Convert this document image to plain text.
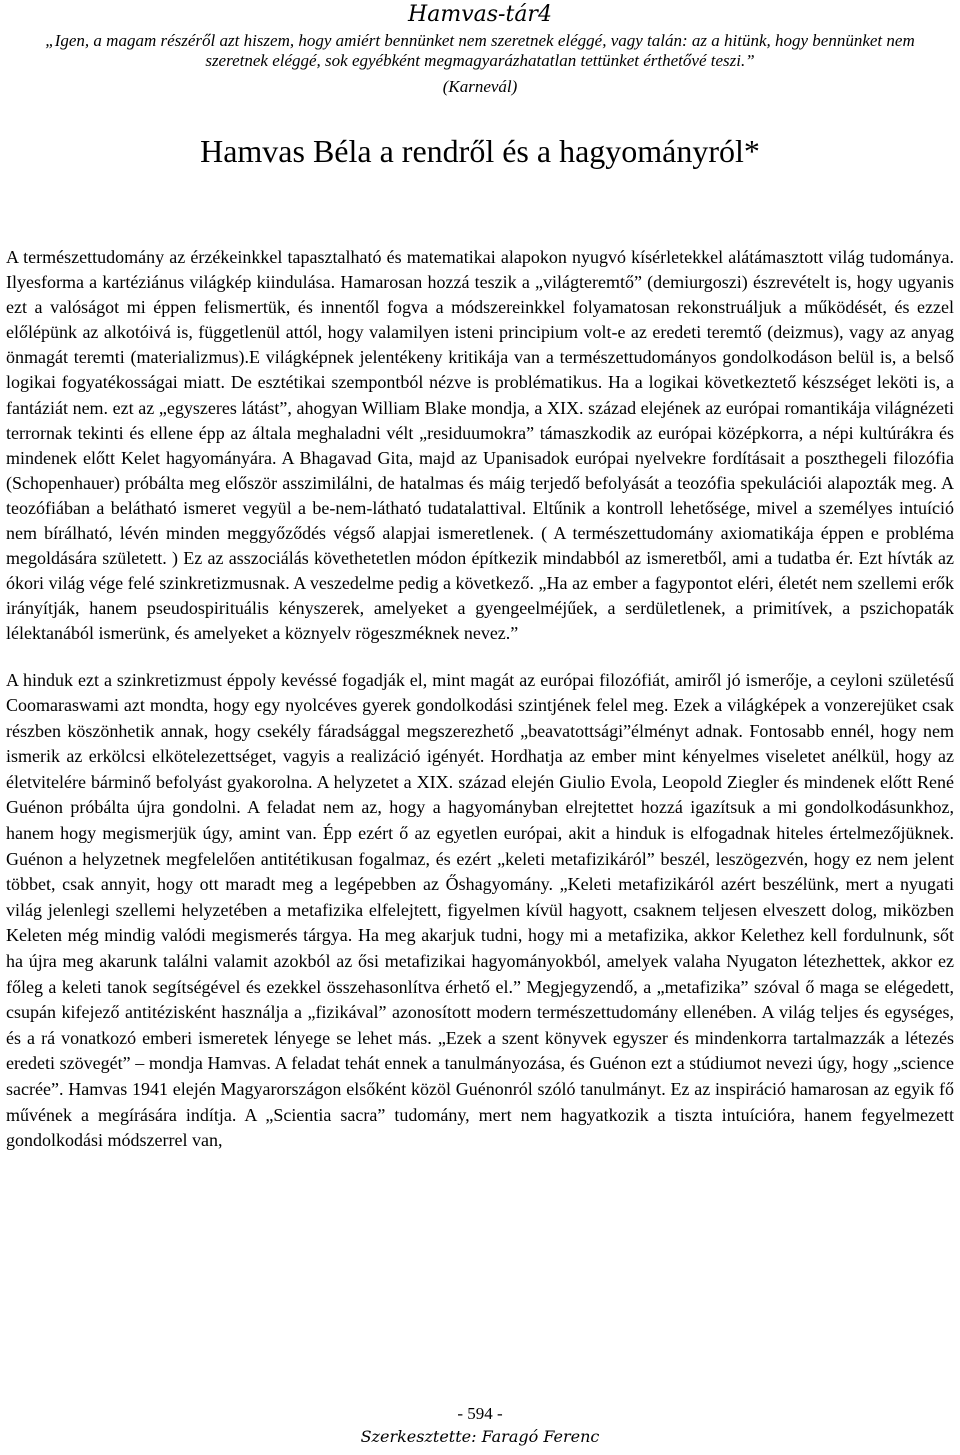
Hamvas-tár4
„Igen, a magam részéről azt hiszem, hogy amiért bennünket nem szeretnek eléggé, vagy talán: az a hitünk, hogy bennünket nem szeretnek eléggé, sok egyébként megmagyarázhatatlan tettünket érthetővé teszi.”
(Karnevál)
Hamvas Béla a rendről és a hagyományról*

A természettudomány az érzékeinkkel tapasztalható és matematikai alapokon nyugvó kísérletekkel alátámasztott világ tudománya. Ilyesforma a kartéziánus világkép kiindulása. Hamarosan hozzá teszik a „világteremtő” (demiurgoszi) észrevételt is, hogy ugyanis ezt a valóságot mi éppen felismertük, és innentől fogva a módszereinkkel folyamatosan rekonstruáljuk a működését, és ezzel előlépünk az alkotóivá is, függetlenül attól, hogy valamilyen isteni principium volt-e az eredeti teremtő (deizmus), vagy az anyag önmagát teremti (materializmus).E világképnek jelentékeny kritikája van a természettudományos gondolkodáson belül is, a belső logikai fogyatékosságai miatt. De esztétikai szempontból nézve is problématikus. Ha a logikai következtető készséget leköti is, a fantáziát nem. ezt az „egyszeres látást”, ahogyan William Blake mondja, a XIX. század elejének az európai romantikája világnézeti terrornak tekinti és ellene épp az általa meghaladni vélt „residuumokra” támaszkodik az európai középkorra, a népi kultúrákra és mindenek előtt Kelet hagyományára. A Bhagavad Gita, majd az Upanisadok európai nyelvekre fordításait a poszthegeli filozófia (Schopenhauer) próbálta meg először asszimilálni, de hatalmas és máig terjedő befolyását a teozófia spekulációi alapozták meg. A teozófiában a belátható ismeret vegyül a be-nem-látható tudatalattival. Eltűnik a kontroll lehetősége, mivel a személyes intuíció nem bírálható, lévén minden meggyőződés végső alapjai ismeretlenek. ( A természettudomány axiomatikája éppen e probléma megoldására született. ) Ez az asszociálás követhetetlen módon építkezik mindabból az ismeretből, ami a tudatba ér. Ezt hívták az ókori világ vége felé szinkretizmusnak. A veszedelme pedig a következő. „Ha az ember a fagypontot eléri, életét nem szellemi erők irányítják, hanem pseudospirituális kényszerek, amelyeket a gyengeelméjűek, a serdületlenek, a primitívek, a pszichopaták lélektanából ismerünk, és amelyeket a köznyelv rögeszméknek nevez.”

A hinduk ezt a szinkretizmust éppoly kevéssé fogadják el, mint magát az európai filozófiát, amiről jó ismerője, a ceyloni születésű Coomaraswami azt mondta, hogy egy nyolcéves gyerek gondolkodási szintjének felel meg. Ezek a világképek a vonzerejüket csak részben köszönhetik annak, hogy csekély fáradsággal megszerezhető „beavatottsági”élményt adnak. Fontosabb ennél, hogy nem ismerik az erkölcsi elkötelezettséget, vagyis a realizáció igényét. Hordhatja az ember mint kényelmes viseletet anélkül, hogy az életvitelére bárminő befolyást gyakorolna. A helyzetet a XIX. század elején Giulio Evola, Leopold Ziegler és mindenek előtt René Guénon próbálta újra gondolni. A feladat nem az, hogy a hagyományban elrejtettet hozzá igazítsuk a mi gondolkodásunkhoz, hanem hogy megismerjük úgy, amint van. Épp ezért ő az egyetlen európai, akit a hinduk is elfogadnak hiteles értelmezőjüknek. Guénon a helyzetnek megfelelően antitétikusan fogalmaz, és ezért „keleti metafizikáról” beszél, leszögezvén, hogy ez nem jelent többet, csak annyit, hogy ott maradt meg a legépebben az Őshagyomány. „Keleti metafizikáról azért beszélünk, mert a nyugati világ jelenlegi szellemi helyzetében a metafizika elfelejtett, figyelmen kívül hagyott, csaknem teljesen elveszett dolog, miközben Keleten még mindig valódi megismerés tárgya. Ha meg akarjuk tudni, hogy mi a metafizika, akkor Kelethez kell fordulnunk, sőt ha újra meg akarunk találni valamit azokból az ősi metafizikai hagyományokból, amelyek valaha Nyugaton létezhettek, akkor ez főleg a keleti tanok segítségével és ezekkel összehasonlítva érhető el.” Megjegyzendő, a „metafizika” szóval ő maga se elégedett, csupán kifejező antitézisként használja a „fizikával” azonosított modern természettudomány ellenében. A világ teljes és egységes, és a rá vonatkozó emberi ismeretek lényege se lehet más. „Ezek a szent könyvek egyszer és mindenkorra tartalmazzák a létezés eredeti szövegét” – mondja Hamvas. A feladat tehát ennek a tanulmányozása, és Guénon ezt a stúdiumot nevezi úgy, hogy „science sacrée”. Hamvas 1941 elején Magyarországon elsőként közöl Guénonról szóló tanulmányt. Ez az inspiráció hamarosan az egyik fő művének a megírására indítja. A „Scientia sacra” tudomány, mert nem hagyatkozik a tiszta intuícióra, hanem fegyelmezett gondolkodási módszerrel van,

- 594 -
Szerkesztette: Faragó Ferenc
